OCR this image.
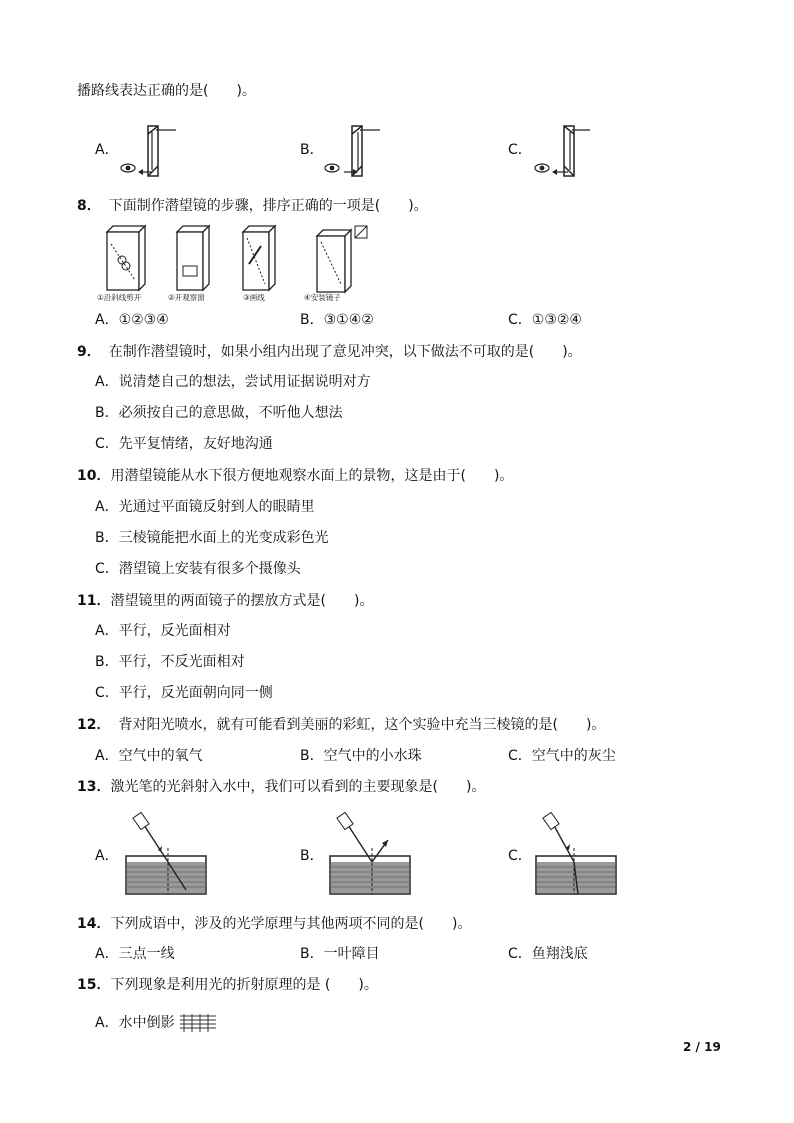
播路线表达正确的是(　　)。
A．	B．	C．
8． 下面制作潜望镜的步骤，排序正确的一项是(　　)。
①沿斜线剪开	②开观察窗	③画线	④安装镜子
A．①②③④	B．③①④②	C．①③②④
9． 在制作潜望镜时，如果小组内出现了意见冲突，以下做法不可取的是(　　)。
A．说清楚自己的想法，尝试用证据说明对方
B．必须按自己的意思做，不听他人想法
C．先平复情绪，友好地沟通
10．用潜望镜能从水下很方便地观察水面上的景物，这是由于(　　)。
A．光通过平面镜反射到人的眼睛里
B．三棱镜能把水面上的光变成彩色光
C．潜望镜上安装有很多个摄像头
11．潜望镜里的两面镜子的摆放方式是(　　)。
A．平行，反光面相对
B．平行，不反光面相对
C．平行，反光面朝向同一侧
12． 背对阳光喷水，就有可能看到美丽的彩虹，这个实验中充当三棱镜的是(　　)。
A．空气中的氧气	B．空气中的小水珠	C．空气中的灰尘
13．激光笔的光斜射入水中，我们可以看到的主要现象是(　　)。
A．	B．	C．
14．下列成语中，涉及的光学原理与其他两项不同的是(　　)。
A．三点一线	B．一叶障目	C．鱼翔浅底
15．下列现象是利用光的折射原理的是 (　　)。
A．水中倒影
2 / 19
